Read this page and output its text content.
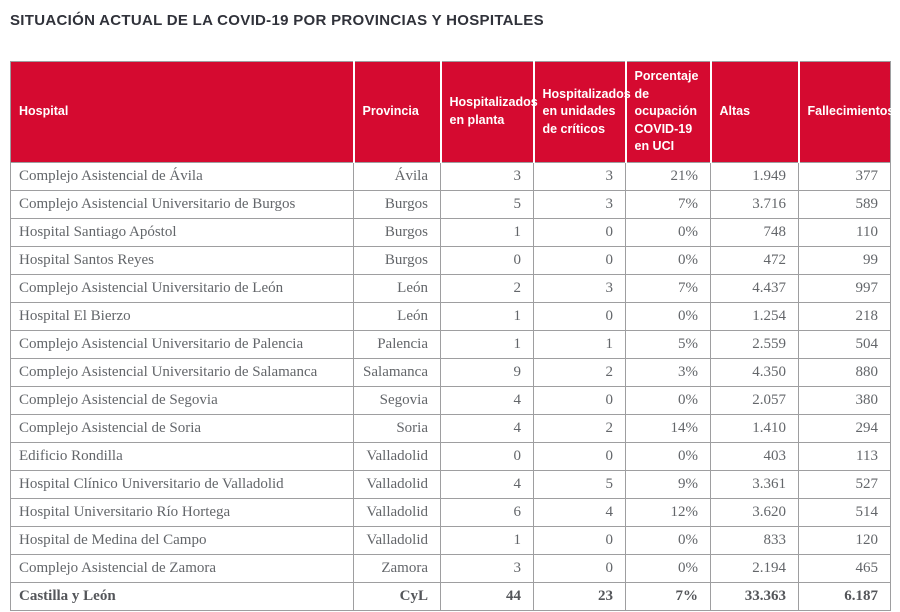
SITUACIÓN ACTUAL DE LA COVID-19 POR PROVINCIAS Y HOSPITALES
Hospital	Provincia	Hospitalizados en planta	Hospitalizados en unidades de críticos	Porcentaje de ocupación COVID-19 en UCI	Altas	Fallecimientos
Complejo Asistencial de Ávila	Ávila	3	3	21%	1.949	377
Complejo Asistencial Universitario de Burgos	Burgos	5	3	7%	3.716	589
Hospital Santiago Apóstol	Burgos	1	0	0%	748	110
Hospital Santos Reyes	Burgos	0	0	0%	472	99
Complejo Asistencial Universitario de León	León	2	3	7%	4.437	997
Hospital El Bierzo	León	1	0	0%	1.254	218
Complejo Asistencial Universitario de Palencia	Palencia	1	1	5%	2.559	504
Complejo Asistencial Universitario de Salamanca	Salamanca	9	2	3%	4.350	880
Complejo Asistencial de Segovia	Segovia	4	0	0%	2.057	380
Complejo Asistencial de Soria	Soria	4	2	14%	1.410	294
Edificio Rondilla	Valladolid	0	0	0%	403	113
Hospital Clínico Universitario de Valladolid	Valladolid	4	5	9%	3.361	527
Hospital Universitario Río Hortega	Valladolid	6	4	12%	3.620	514
Hospital de Medina del Campo	Valladolid	1	0	0%	833	120
Complejo Asistencial de Zamora	Zamora	3	0	0%	2.194	465
Castilla y León	CyL	44	23	7%	33.363	6.187
